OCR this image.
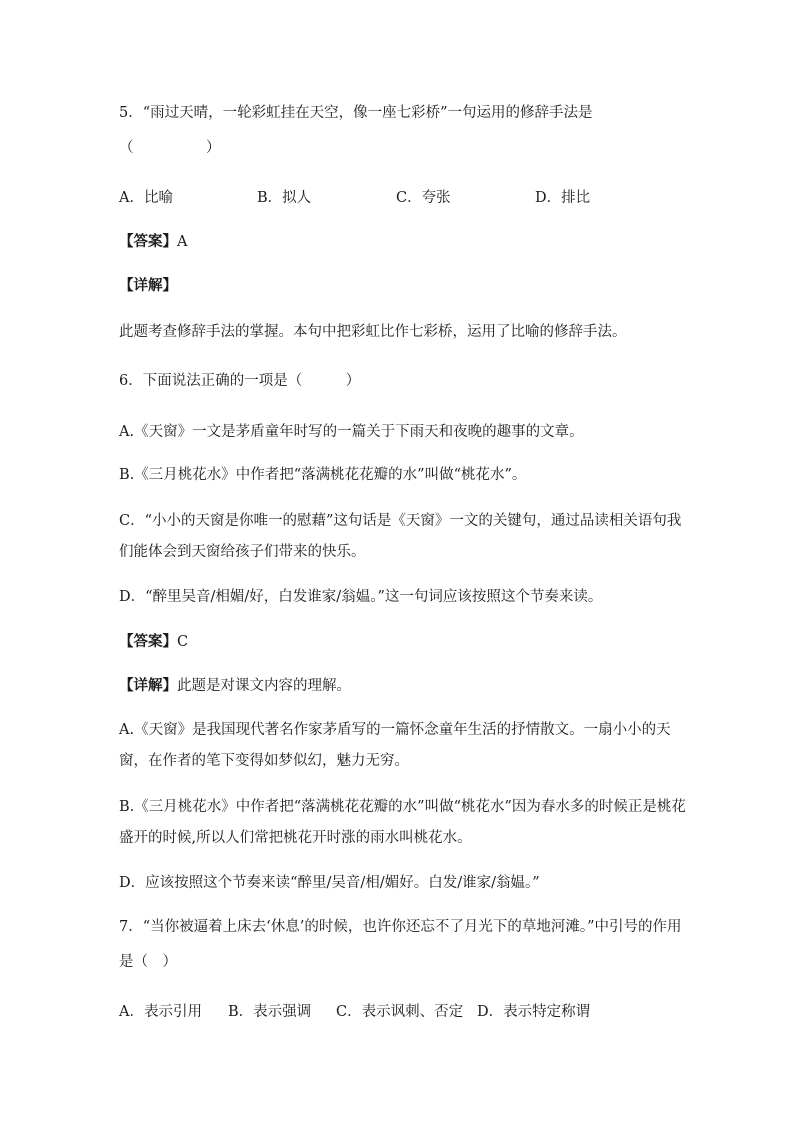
5．“雨过天晴，一轮彩虹挂在天空，像一座七彩桥”一句运用的修辞手法是

（　　　　　）

A．比喻	B．拟人	C．夸张	D．排比

【答案】A

【详解】

此题考查修辞手法的掌握。本句中把彩虹比作七彩桥，运用了比喻的修辞手法。

6．下面说法正确的一项是（　　　）

A.《天窗》一文是茅盾童年时写的一篇关于下雨天和夜晚的趣事的文章。

B.《三月桃花水》中作者把“落满桃花花瓣的水”叫做“桃花水”。

C．“小小的天窗是你唯一的慰藉”这句话是《天窗》一文的关键句，通过品读相关语句我

们能体会到天窗给孩子们带来的快乐。

D．“醉里吴音/相媚/好，白发谁家/翁媪。”这一句词应该按照这个节奏来读。

【答案】C

【详解】此题是对课文内容的理解。

A.《天窗》是我国现代著名作家茅盾写的一篇怀念童年生活的抒情散文。一扇小小的天

窗，在作者的笔下变得如梦似幻，魅力无穷。

B.《三月桃花水》中作者把“落满桃花花瓣的水”叫做“桃花水”因为春水多的时候正是桃花

盛开的时候,所以人们常把桃花开时涨的雨水叫桃花水。

D．应该按照这个节奏来读“醉里/吴音/相/媚好。白发/谁家/翁媪。”

7．“当你被逼着上床去‘休息’的时候，也许你还忘不了月光下的草地河滩。”中引号的作用

是（　）

A．表示引用 B．表示强调 C．表示讽刺、否定 D．表示特定称谓
